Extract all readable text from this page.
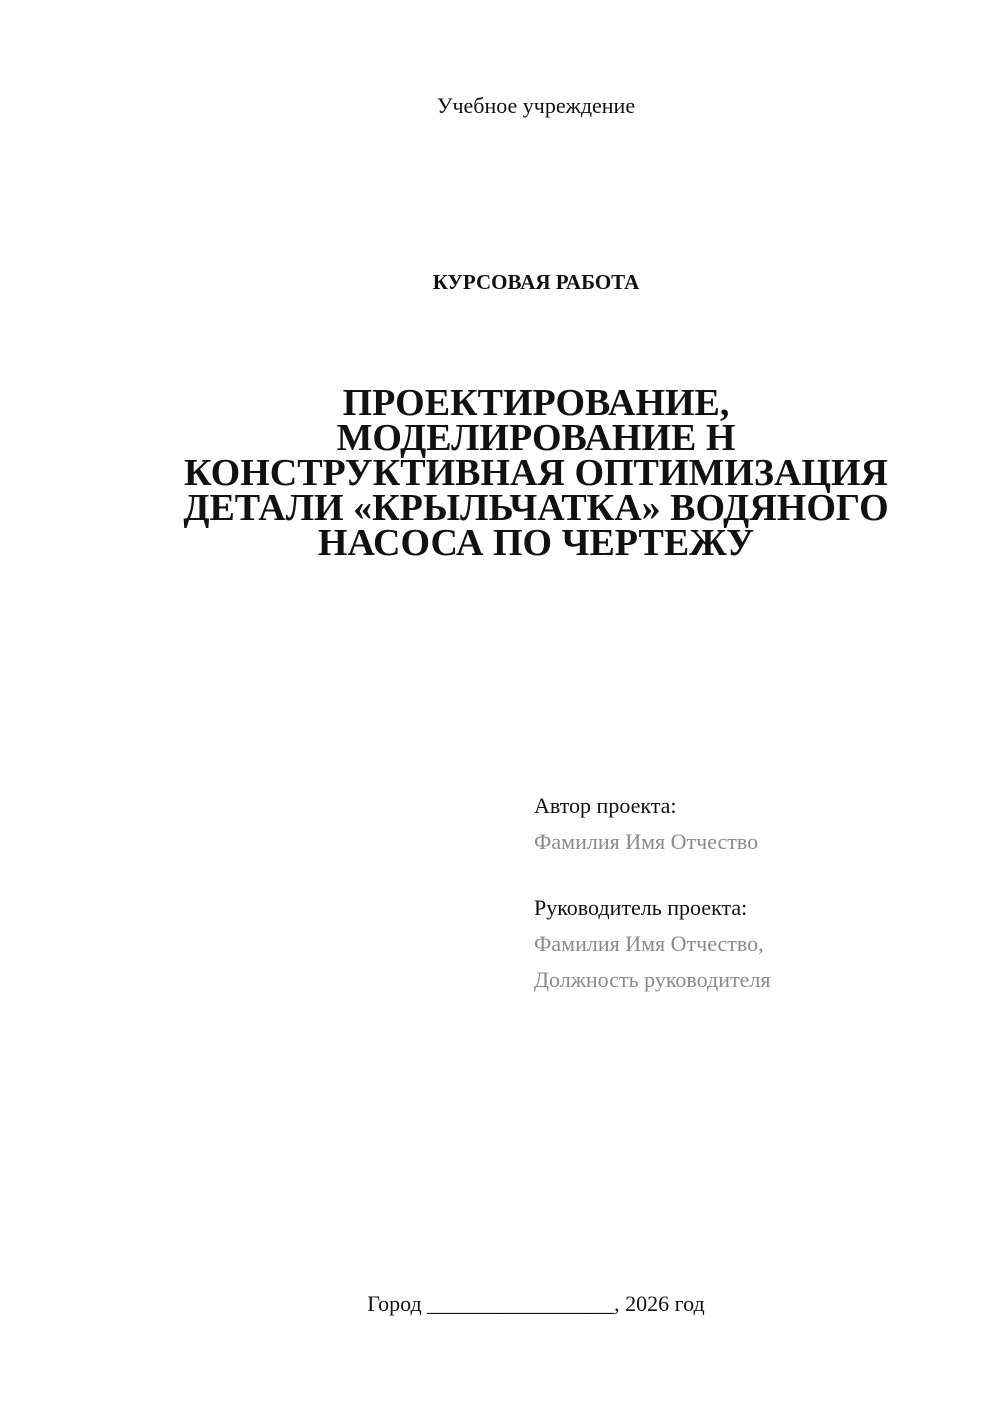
Учебное учреждение
КУРСОВАЯ РАБОТА
ПРОЕКТИРОВАНИЕ,
МОДЕЛИРОВАНИЕ Н
КОНСТРУКТИВНАЯ ОПТИМИЗАЦИЯ
ДЕТАЛИ «КРЫЛЬЧАТКА» ВОДЯНОГО
НАСОСА ПО ЧЕРТЕЖУ
Автор проекта:
Фамилия Имя Отчество
Руководитель проекта:
Фамилия Имя Отчество,
Должность руководителя
Город _________________, 2026 год
